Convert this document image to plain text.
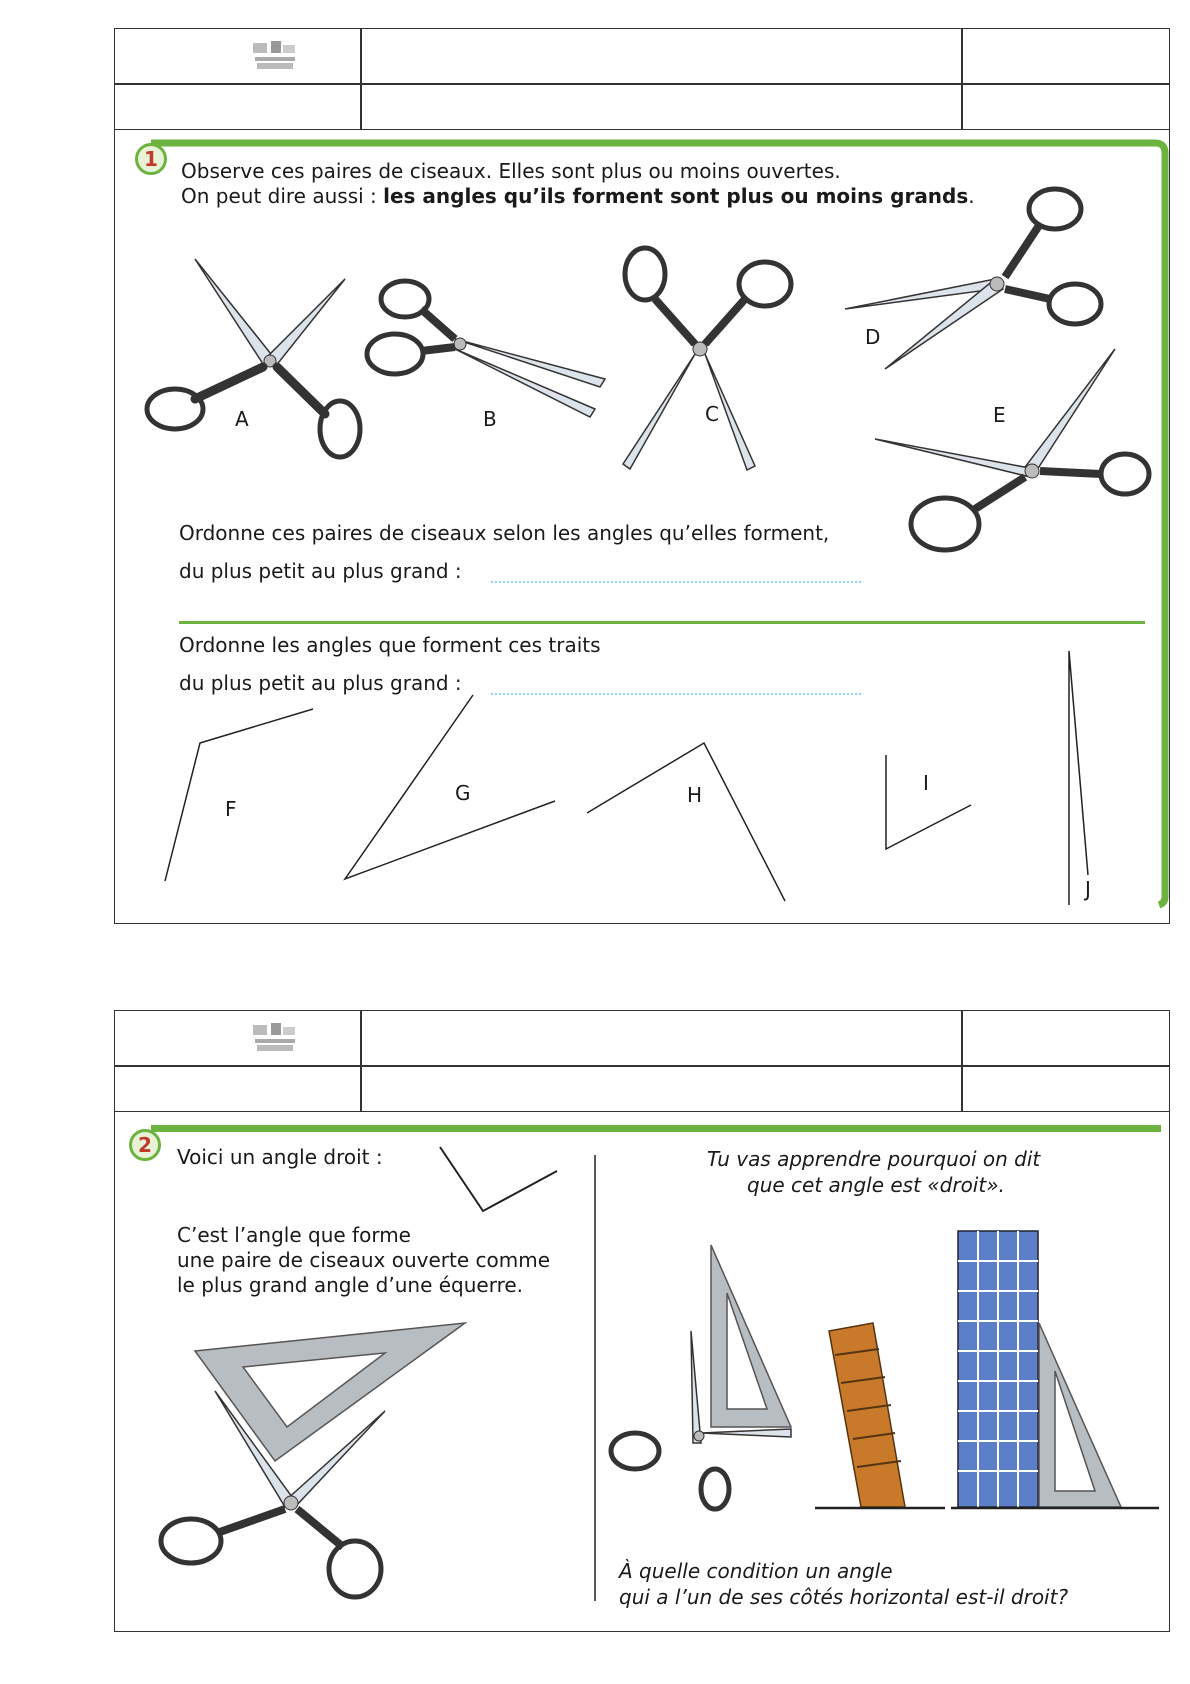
1	Observe ces paires de ciseaux. Elles sont plus ou moins ouvertes.
On peut dire aussi : les angles qu’ils forment sont plus ou moins grands.
A	B	C
D
E
Ordonne ces paires de ciseaux selon les angles qu’elles forment,
du plus petit au plus grand :
Ordonne les angles que forment ces traits
du plus petit au plus grand :
F
G	H	I
J
2	Voici un angle droit :
C’est l’angle que forme
une paire de ciseaux ouverte comme
le plus grand angle d’une équerre.
Tu vas apprendre pourquoi on dit
que cet angle est «droit».
À quelle condition un angle
qui a l’un de ses côtés horizontal est-il droit?
